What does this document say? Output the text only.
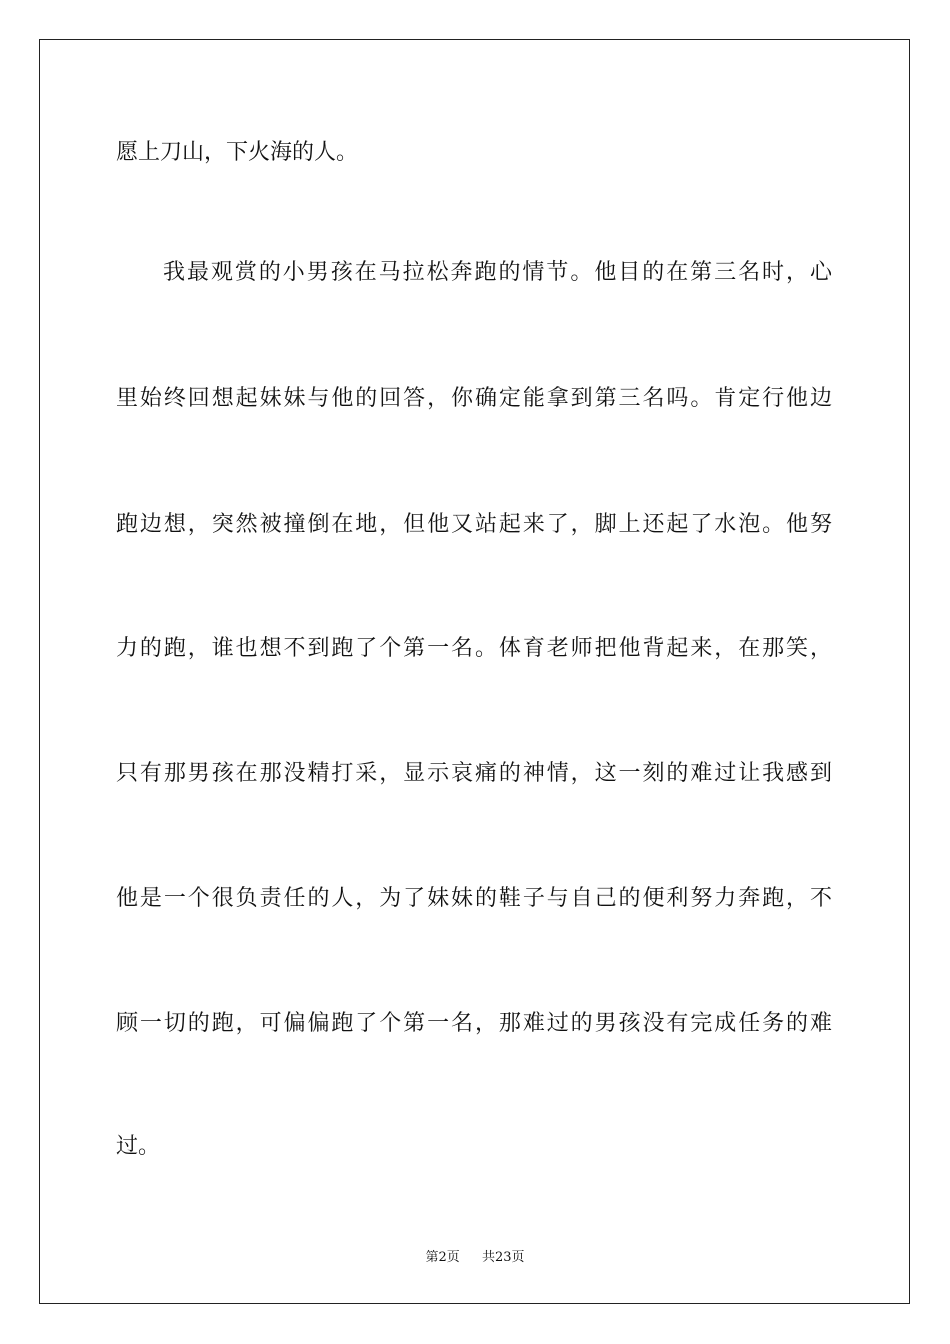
愿上刀山，下火海的人。
我最观赏的小男孩在马拉松奔跑的情节。他目的在第三名时，心
里始终回想起妹妹与他的回答，你确定能拿到第三名吗。肯定行他边
跑边想，突然被撞倒在地，但他又站起来了，脚上还起了水泡。他努
力的跑，谁也想不到跑了个第一名。体育老师把他背起来，在那笑，
只有那男孩在那没精打采，显示哀痛的神情，这一刻的难过让我感到
他是一个很负责任的人，为了妹妹的鞋子与自己的便利努力奔跑，不
顾一切的跑，可偏偏跑了个第一名，那难过的男孩没有完成任务的难
过。
第2页 共23页
